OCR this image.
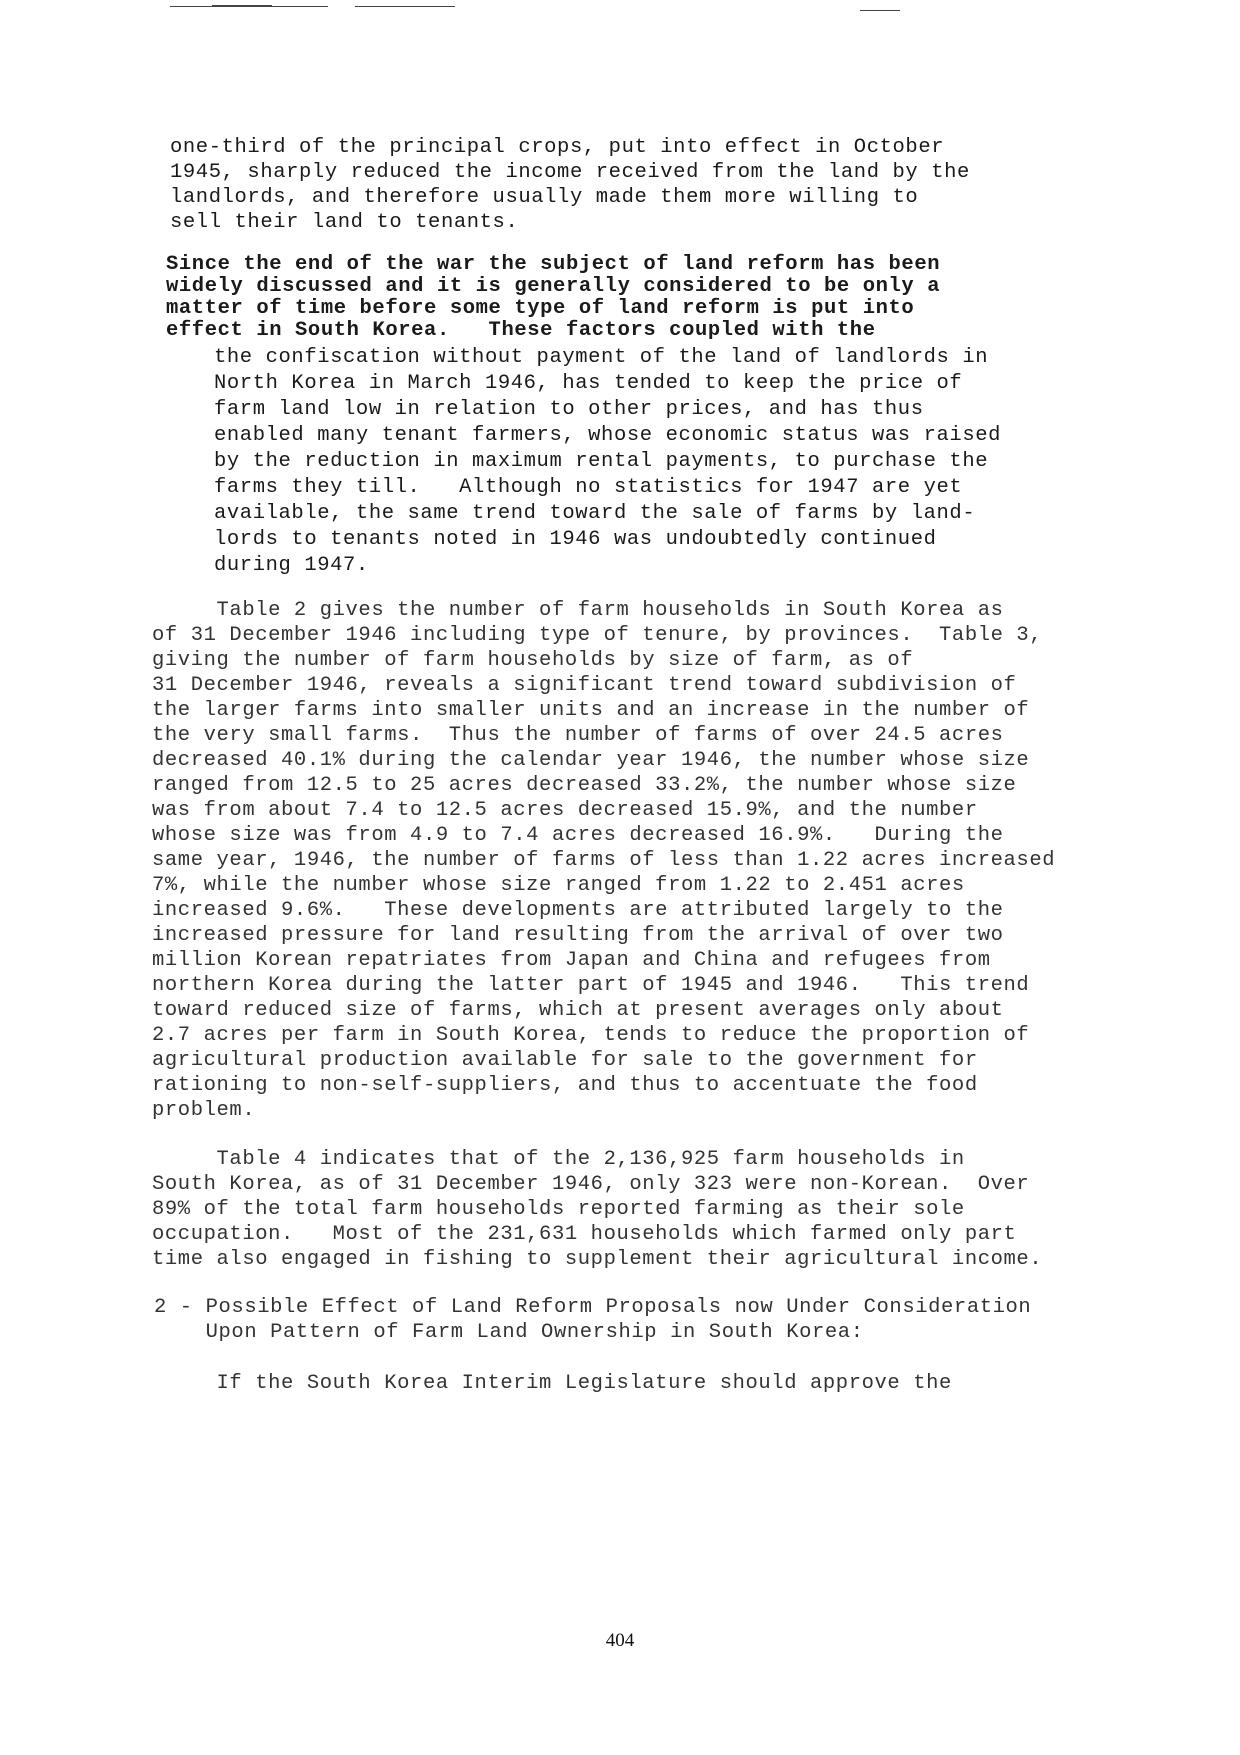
one-third of the principal crops, put into effect in October
1945, sharply reduced the income received from the land by the
landlords, and therefore usually made them more willing to
sell their land to tenants.
Since the end of the war the subject of land reform has been
widely discussed and it is generally considered to be only a
matter of time before some type of land reform is put into
effect in South Korea.   These factors coupled with the
the confiscation without payment of the land of landlords in
North Korea in March 1946, has tended to keep the price of
farm land low in relation to other prices, and has thus
enabled many tenant farmers, whose economic status was raised
by the reduction in maximum rental payments, to purchase the
farms they till.   Although no statistics for 1947 are yet
available, the same trend toward the sale of farms by land-
lords to tenants noted in 1946 was undoubtedly continued
during 1947.
Table 2 gives the number of farm households in South Korea as
of 31 December 1946 including type of tenure, by provinces.  Table 3,
giving the number of farm households by size of farm, as of
31 December 1946, reveals a significant trend toward subdivision of
the larger farms into smaller units and an increase in the number of
the very small farms.  Thus the number of farms of over 24.5 acres
decreased 40.1% during the calendar year 1946, the number whose size
ranged from 12.5 to 25 acres decreased 33.2%, the number whose size
was from about 7.4 to 12.5 acres decreased 15.9%, and the number
whose size was from 4.9 to 7.4 acres decreased 16.9%.   During the
same year, 1946, the number of farms of less than 1.22 acres increased
7%, while the number whose size ranged from 1.22 to 2.451 acres
increased 9.6%.   These developments are attributed largely to the
increased pressure for land resulting from the arrival of over two
million Korean repatriates from Japan and China and refugees from
northern Korea during the latter part of 1945 and 1946.   This trend
toward reduced size of farms, which at present averages only about
2.7 acres per farm in South Korea, tends to reduce the proportion of
agricultural production available for sale to the government for
rationing to non-self-suppliers, and thus to accentuate the food
problem.
Table 4 indicates that of the 2,136,925 farm households in
South Korea, as of 31 December 1946, only 323 were non-Korean.  Over
89% of the total farm households reported farming as their sole
occupation.   Most of the 231,631 households which farmed only part
time also engaged in fishing to supplement their agricultural income.
2 - Possible Effect of Land Reform Proposals now Under Consideration
Upon Pattern of Farm Land Ownership in South Korea:
If the South Korea Interim Legislature should approve the
404
